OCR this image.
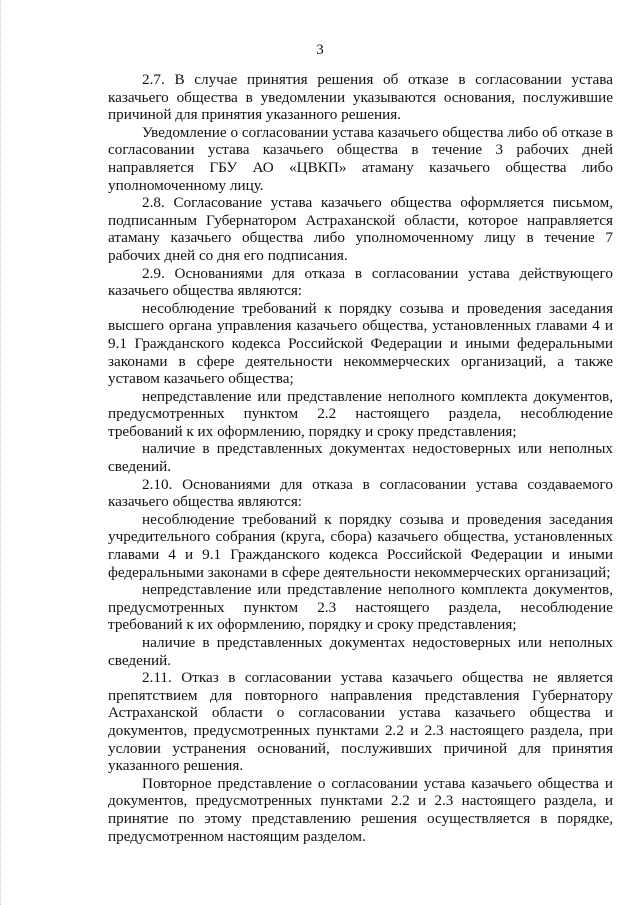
3

2.7. В случае принятия решения об отказе в согласовании устава казачьего общества в уведомлении указываются основания, послужившие причиной для принятия указанного решения.

Уведомление о согласовании устава казачьего общества либо об отказе в согласовании устава казачьего общества в течение 3 рабочих дней направляется ГБУ АО «ЦВКП» атаману казачьего общества либо уполномоченному лицу.

2.8. Согласование устава казачьего общества оформляется письмом, подписанным Губернатором Астраханской области, которое направляется атаману казачьего общества либо уполномоченному лицу в течение 7 рабочих дней со дня его подписания.

2.9. Основаниями для отказа в согласовании устава действующего казачьего общества являются:

несоблюдение требований к порядку созыва и проведения заседания высшего органа управления казачьего общества, установленных главами 4 и 9.1 Гражданского кодекса Российской Федерации и иными федеральными законами в сфере деятельности некоммерческих организаций, а также уставом казачьего общества;

непредставление или представление неполного комплекта документов, предусмотренных пунктом 2.2 настоящего раздела, несоблюдение требований к их оформлению, порядку и сроку представления;

наличие в представленных документах недостоверных или неполных сведений.

2.10. Основаниями для отказа в согласовании устава создаваемого казачьего общества являются:

несоблюдение требований к порядку созыва и проведения заседания учредительного собрания (круга, сбора) казачьего общества, установленных главами 4 и 9.1 Гражданского кодекса Российской Федерации и иными федеральными законами в сфере деятельности некоммерческих организаций;

непредставление или представление неполного комплекта документов, предусмотренных пунктом 2.3 настоящего раздела, несоблюдение требований к их оформлению, порядку и сроку представления;

наличие в представленных документах недостоверных или неполных сведений.

2.11. Отказ в согласовании устава казачьего общества не является препятствием для повторного направления представления Губернатору Астраханской области о согласовании устава казачьего общества и документов, предусмотренных пунктами 2.2 и 2.3 настоящего раздела, при условии устранения оснований, послуживших причиной для принятия указанного решения.

Повторное представление о согласовании устава казачьего общества и документов, предусмотренных пунктами 2.2 и 2.3 настоящего раздела, и принятие по этому представлению решения осуществляется в порядке, предусмотренном настоящим разделом.
